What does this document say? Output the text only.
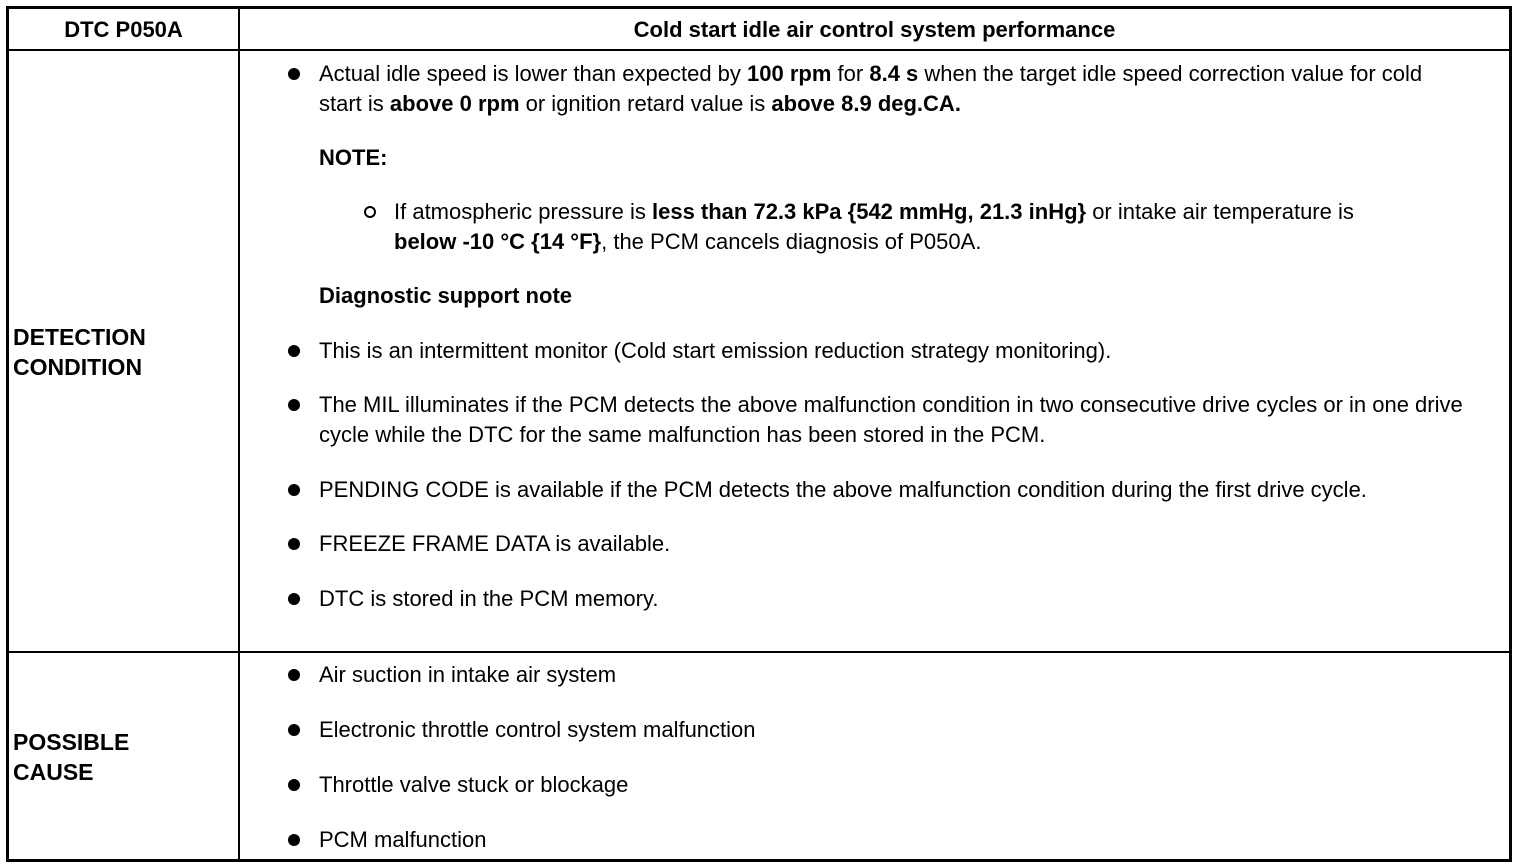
DTC P050A	Cold start idle air control system performance
DETECTION
CONDITION
Actual idle speed is lower than expected by 100 rpm for 8.4 s when the target idle speed correction value for cold start is above 0 rpm or ignition retard value is above 8.9 deg.CA.
NOTE:
If atmospheric pressure is less than 72.3 kPa {542 mmHg, 21.3 inHg} or intake air temperature is below -10 °C {14 °F}, the PCM cancels diagnosis of P050A.
Diagnostic support note
This is an intermittent monitor (Cold start emission reduction strategy monitoring).
The MIL illuminates if the PCM detects the above malfunction condition in two consecutive drive cycles or in one drive cycle while the DTC for the same malfunction has been stored in the PCM.
PENDING CODE is available if the PCM detects the above malfunction condition during the first drive cycle.
FREEZE FRAME DATA is available.
DTC is stored in the PCM memory.
POSSIBLE
CAUSE
Air suction in intake air system
Electronic throttle control system malfunction
Throttle valve stuck or blockage
PCM malfunction
